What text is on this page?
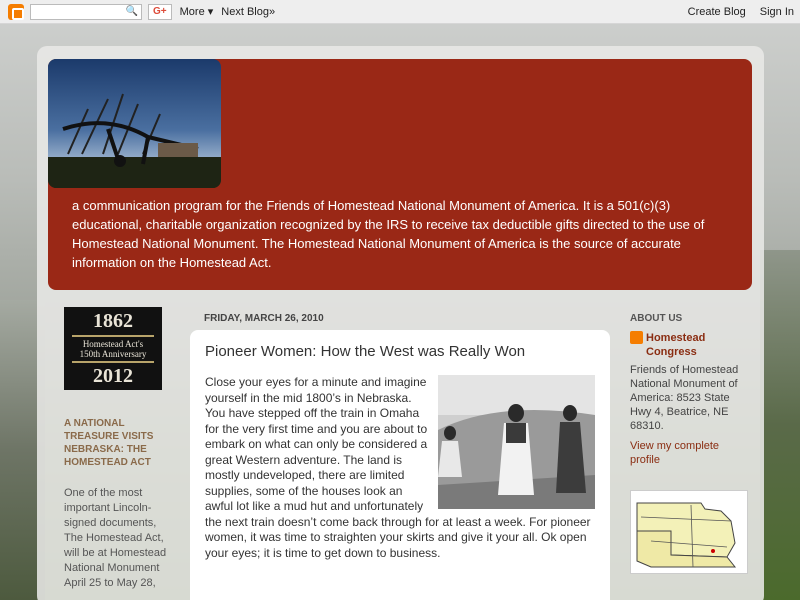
🔍	G+	More ▾ Next Blog»	Create Blog Sign In
a communication program for the Friends of Homestead National Monument of America. It is a 501(c)(3) educational, charitable organization recognized by the IRS to receive tax deductible gifts directed to the use of Homestead National Monument. The Homestead National Monument of America is the source of accurate information on the Homestead Act.
1862
Homestead Act's
150th Anniversary
2012
A NATIONAL TREASURE VISITS NEBRASKA: THE HOMESTEAD ACT
One of the most important Lincoln-signed documents, The Homestead Act, will be at Homestead National Monument April 25 to May 28,
FRIDAY, MARCH 26, 2010
Pioneer Women: How the West was Really Won
Close your eyes for a minute and imagine yourself in the mid 1800’s in Nebraska. You have stepped off the train in Omaha for the very first time and you are about to embark on what can only be considered a great Western adventure. The land is mostly undeveloped, there are limited supplies, some of the houses look an awful lot like a mud hut and unfortunately the next train doesn’t come back through for at least a week. For pioneer women, it was time to straighten your skirts and give it your all. Ok open your eyes; it is time to get down to business.
ABOUT US
Homestead Congress
Friends of Homestead National Monument of America: 8523 State Hwy 4, Beatrice, NE 68310.
View my complete profile
